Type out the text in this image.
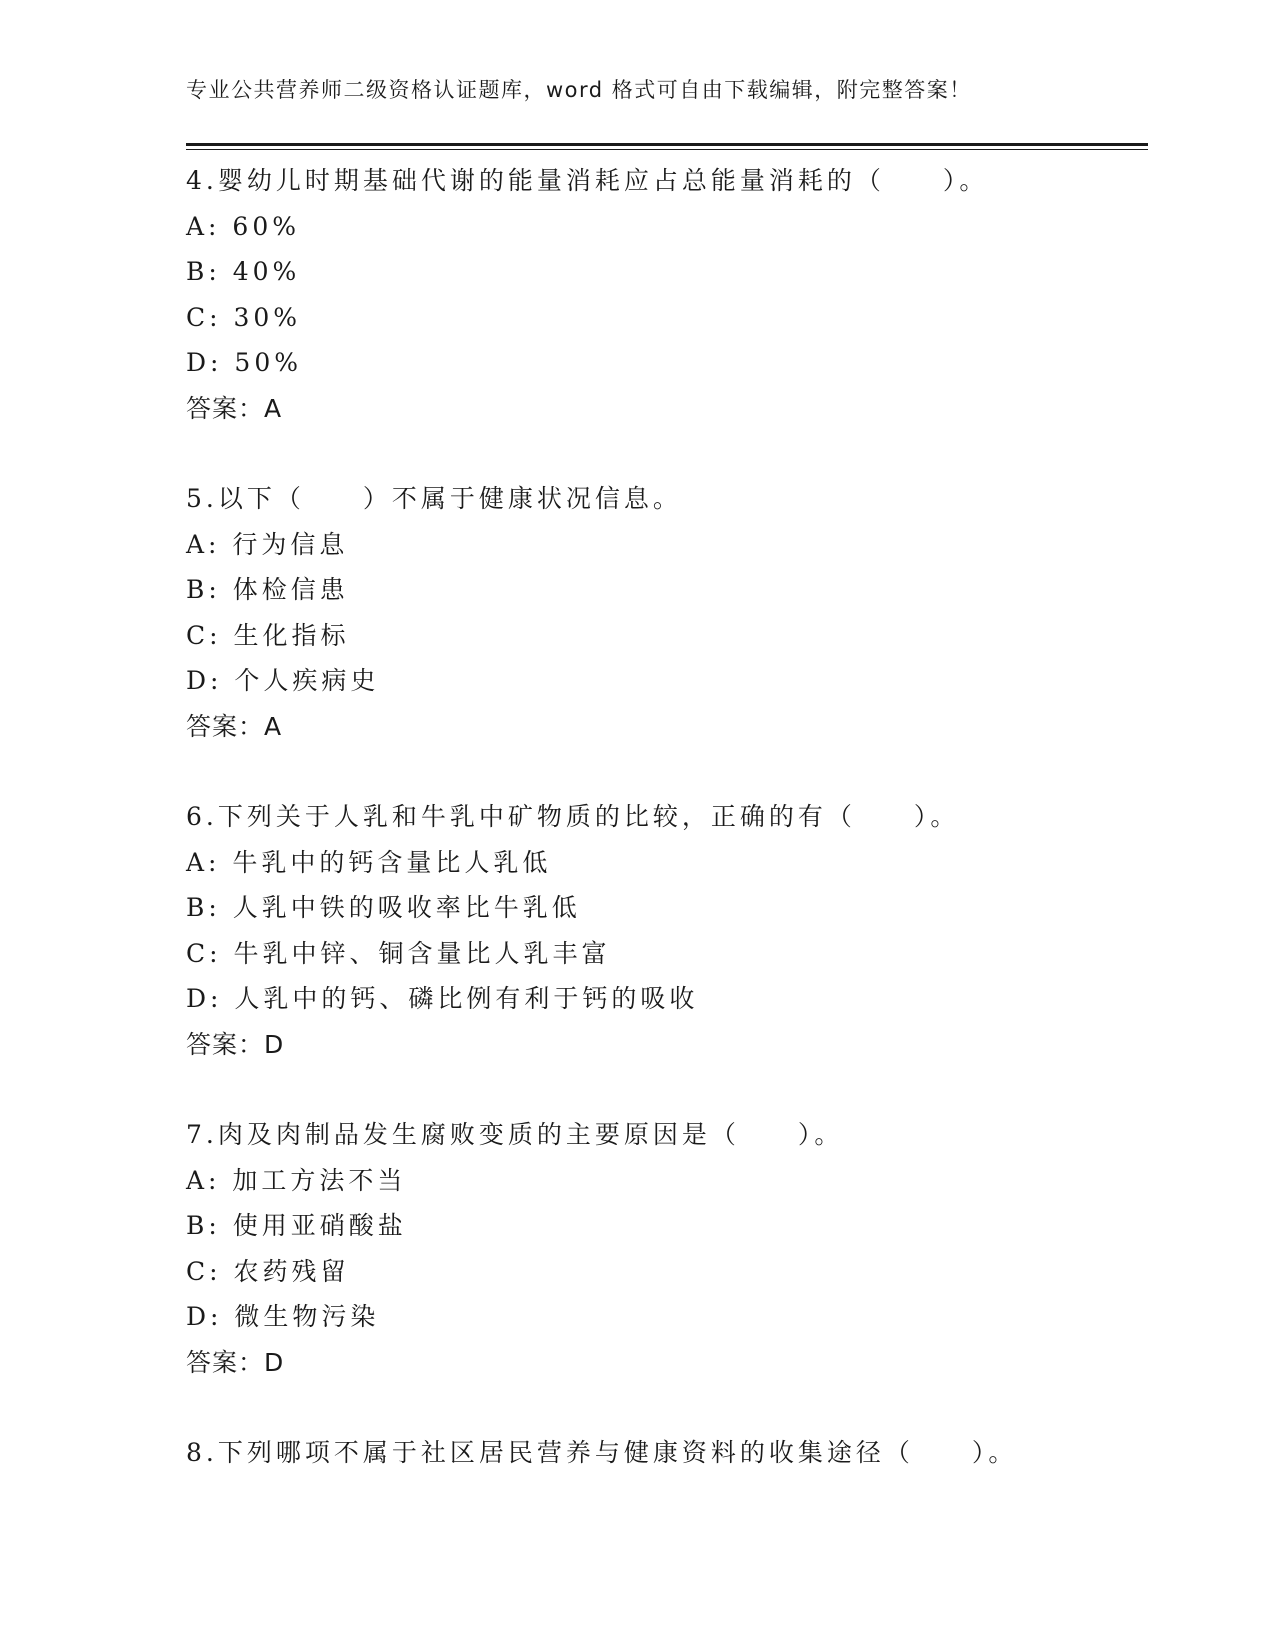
专业公共营养师二级资格认证题库，word 格式可自由下载编辑，附完整答案！
4.婴幼儿时期基础代谢的能量消耗应占总能量消耗的（　　）。
A: 60%
B: 40%
C: 30%
D: 50%
答案：A
5.以下（　　）不属于健康状况信息。
A: 行为信息
B: 体检信患
C: 生化指标
D: 个人疾病史
答案：A
6.下列关于人乳和牛乳中矿物质的比较，正确的有（　　）。
A: 牛乳中的钙含量比人乳低
B: 人乳中铁的吸收率比牛乳低
C: 牛乳中锌、铜含量比人乳丰富
D: 人乳中的钙、磷比例有利于钙的吸收
答案：D
7.肉及肉制品发生腐败变质的主要原因是（　　）。
A: 加工方法不当
B: 使用亚硝酸盐
C: 农药残留
D: 微生物污染
答案：D
8.下列哪项不属于社区居民营养与健康资料的收集途径（　　）。
